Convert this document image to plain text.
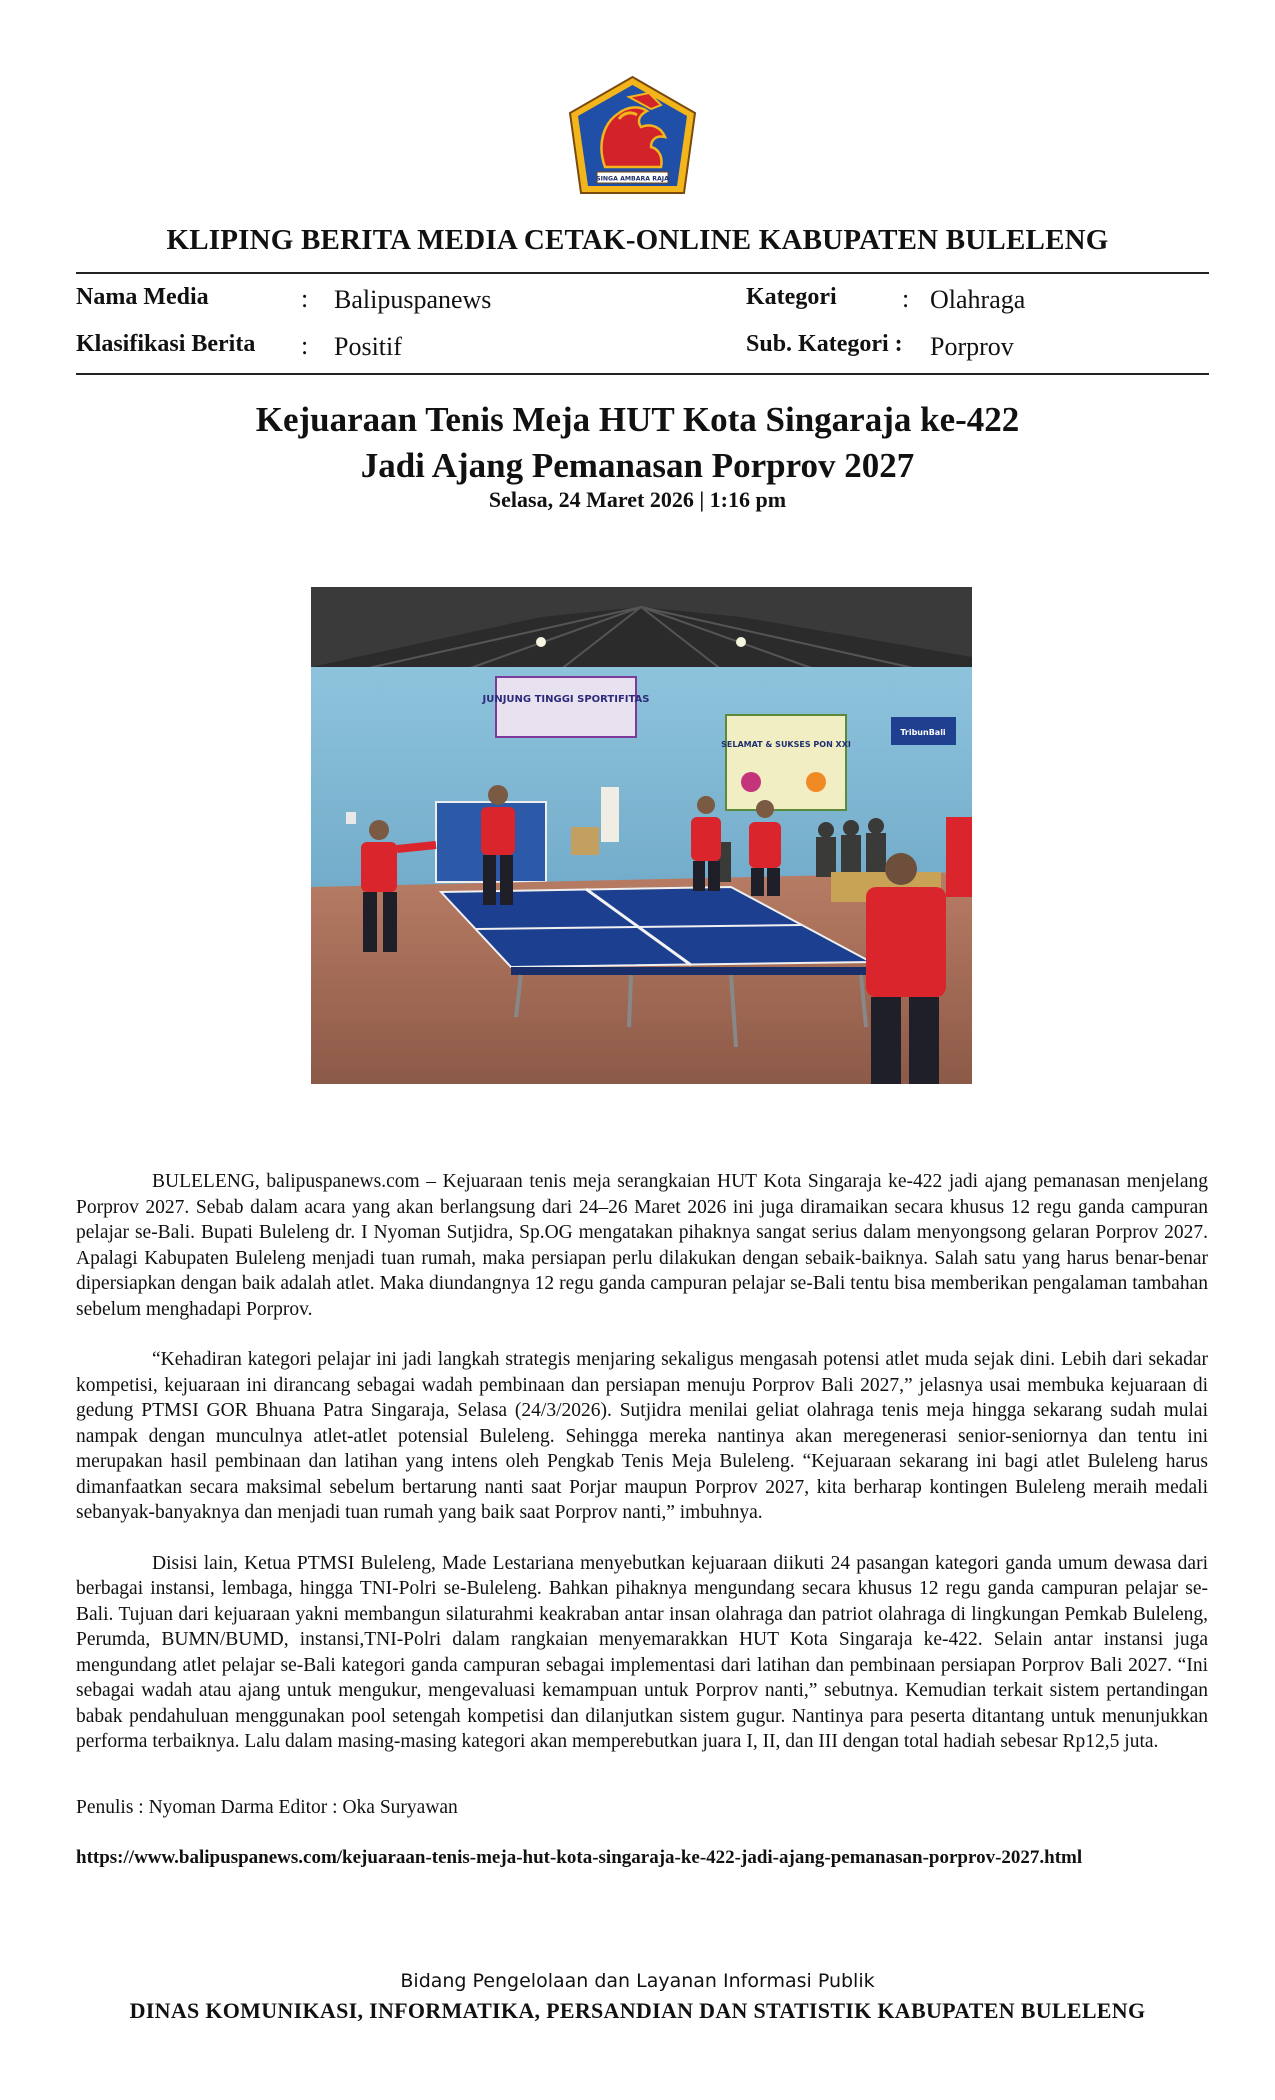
SINGA AMBARA RAJA
KLIPING BERITA MEDIA CETAK-ONLINE KABUPATEN BULELENG
Nama Media	: Balipuspanews
Klasifikasi Berita : Positif
Kategori	: Olahraga
Sub. Kategori : Porprov
Kejuaraan Tenis Meja HUT Kota Singaraja ke-422
Jadi Ajang Pemanasan Porprov 2027
Selasa, 24 Maret 2026 | 1:16 pm
JUNJUNG TINGGI SPORTIFITAS
SELAMAT & SUKSES PON XXI
TribunBali

BULELENG, balipuspanews.com – Kejuaraan tenis meja serangkaian HUT Kota Singaraja ke-422 jadi ajang pemanasan menjelang Porprov 2027. Sebab dalam acara yang akan berlangsung dari 24–26 Maret 2026 ini juga diramaikan secara khusus 12 regu ganda campuran pelajar se-Bali. Bupati Buleleng dr. I Nyoman Sutjidra, Sp.OG mengatakan pihaknya sangat serius dalam menyongsong gelaran Porprov 2027. Apalagi Kabupaten Buleleng menjadi tuan rumah, maka persiapan perlu dilakukan dengan sebaik-baiknya. Salah satu yang harus benar-benar dipersiapkan dengan baik adalah atlet. Maka diundangnya 12 regu ganda campuran pelajar se-Bali tentu bisa memberikan pengalaman tambahan sebelum menghadapi Porprov.

“Kehadiran kategori pelajar ini jadi langkah strategis menjaring sekaligus mengasah potensi atlet muda sejak dini. Lebih dari sekadar kompetisi, kejuaraan ini dirancang sebagai wadah pembinaan dan persiapan menuju Porprov Bali 2027,” jelasnya usai membuka kejuaraan di gedung PTMSI GOR Bhuana Patra Singaraja, Selasa (24/3/2026). Sutjidra menilai geliat olahraga tenis meja hingga sekarang sudah mulai nampak dengan munculnya atlet-atlet potensial Buleleng. Sehingga mereka nantinya akan meregenerasi senior-seniornya dan tentu ini merupakan hasil pembinaan dan latihan yang intens oleh Pengkab Tenis Meja Buleleng. “Kejuaraan sekarang ini bagi atlet Buleleng harus dimanfaatkan secara maksimal sebelum bertarung nanti saat Porjar maupun Porprov 2027, kita berharap kontingen Buleleng meraih medali sebanyak-banyaknya dan menjadi tuan rumah yang baik saat Porprov nanti,” imbuhnya.

Disisi lain, Ketua PTMSI Buleleng, Made Lestariana menyebutkan kejuaraan diikuti 24 pasangan kategori ganda umum dewasa dari berbagai instansi, lembaga, hingga TNI-Polri se-Buleleng. Bahkan pihaknya mengundang secara khusus 12 regu ganda campuran pelajar se-Bali. Tujuan dari kejuaraan yakni membangun silaturahmi keakraban antar insan olahraga dan patriot olahraga di lingkungan Pemkab Buleleng, Perumda, BUMN/BUMD, instansi,TNI-Polri dalam rangkaian menyemarakkan HUT Kota Singaraja ke-422. Selain antar instansi juga mengundang atlet pelajar se-Bali kategori ganda campuran sebagai implementasi dari latihan dan pembinaan persiapan Porprov Bali 2027. “Ini sebagai wadah atau ajang untuk mengukur, mengevaluasi kemampuan untuk Porprov nanti,” sebutnya. Kemudian terkait sistem pertandingan babak pendahuluan menggunakan pool setengah kompetisi dan dilanjutkan sistem gugur. Nantinya para peserta ditantang untuk menunjukkan performa terbaiknya. Lalu dalam masing-masing kategori akan memperebutkan juara I, II, dan III dengan total hadiah sebesar Rp12,5 juta.

Penulis : Nyoman Darma Editor : Oka Suryawan
https://www.balipuspanews.com/kejuaraan-tenis-meja-hut-kota-singaraja-ke-422-jadi-ajang-pemanasan-porprov-2027.html
Bidang Pengelolaan dan Layanan Informasi Publik
DINAS KOMUNIKASI, INFORMATIKA, PERSANDIAN DAN STATISTIK KABUPATEN BULELENG
